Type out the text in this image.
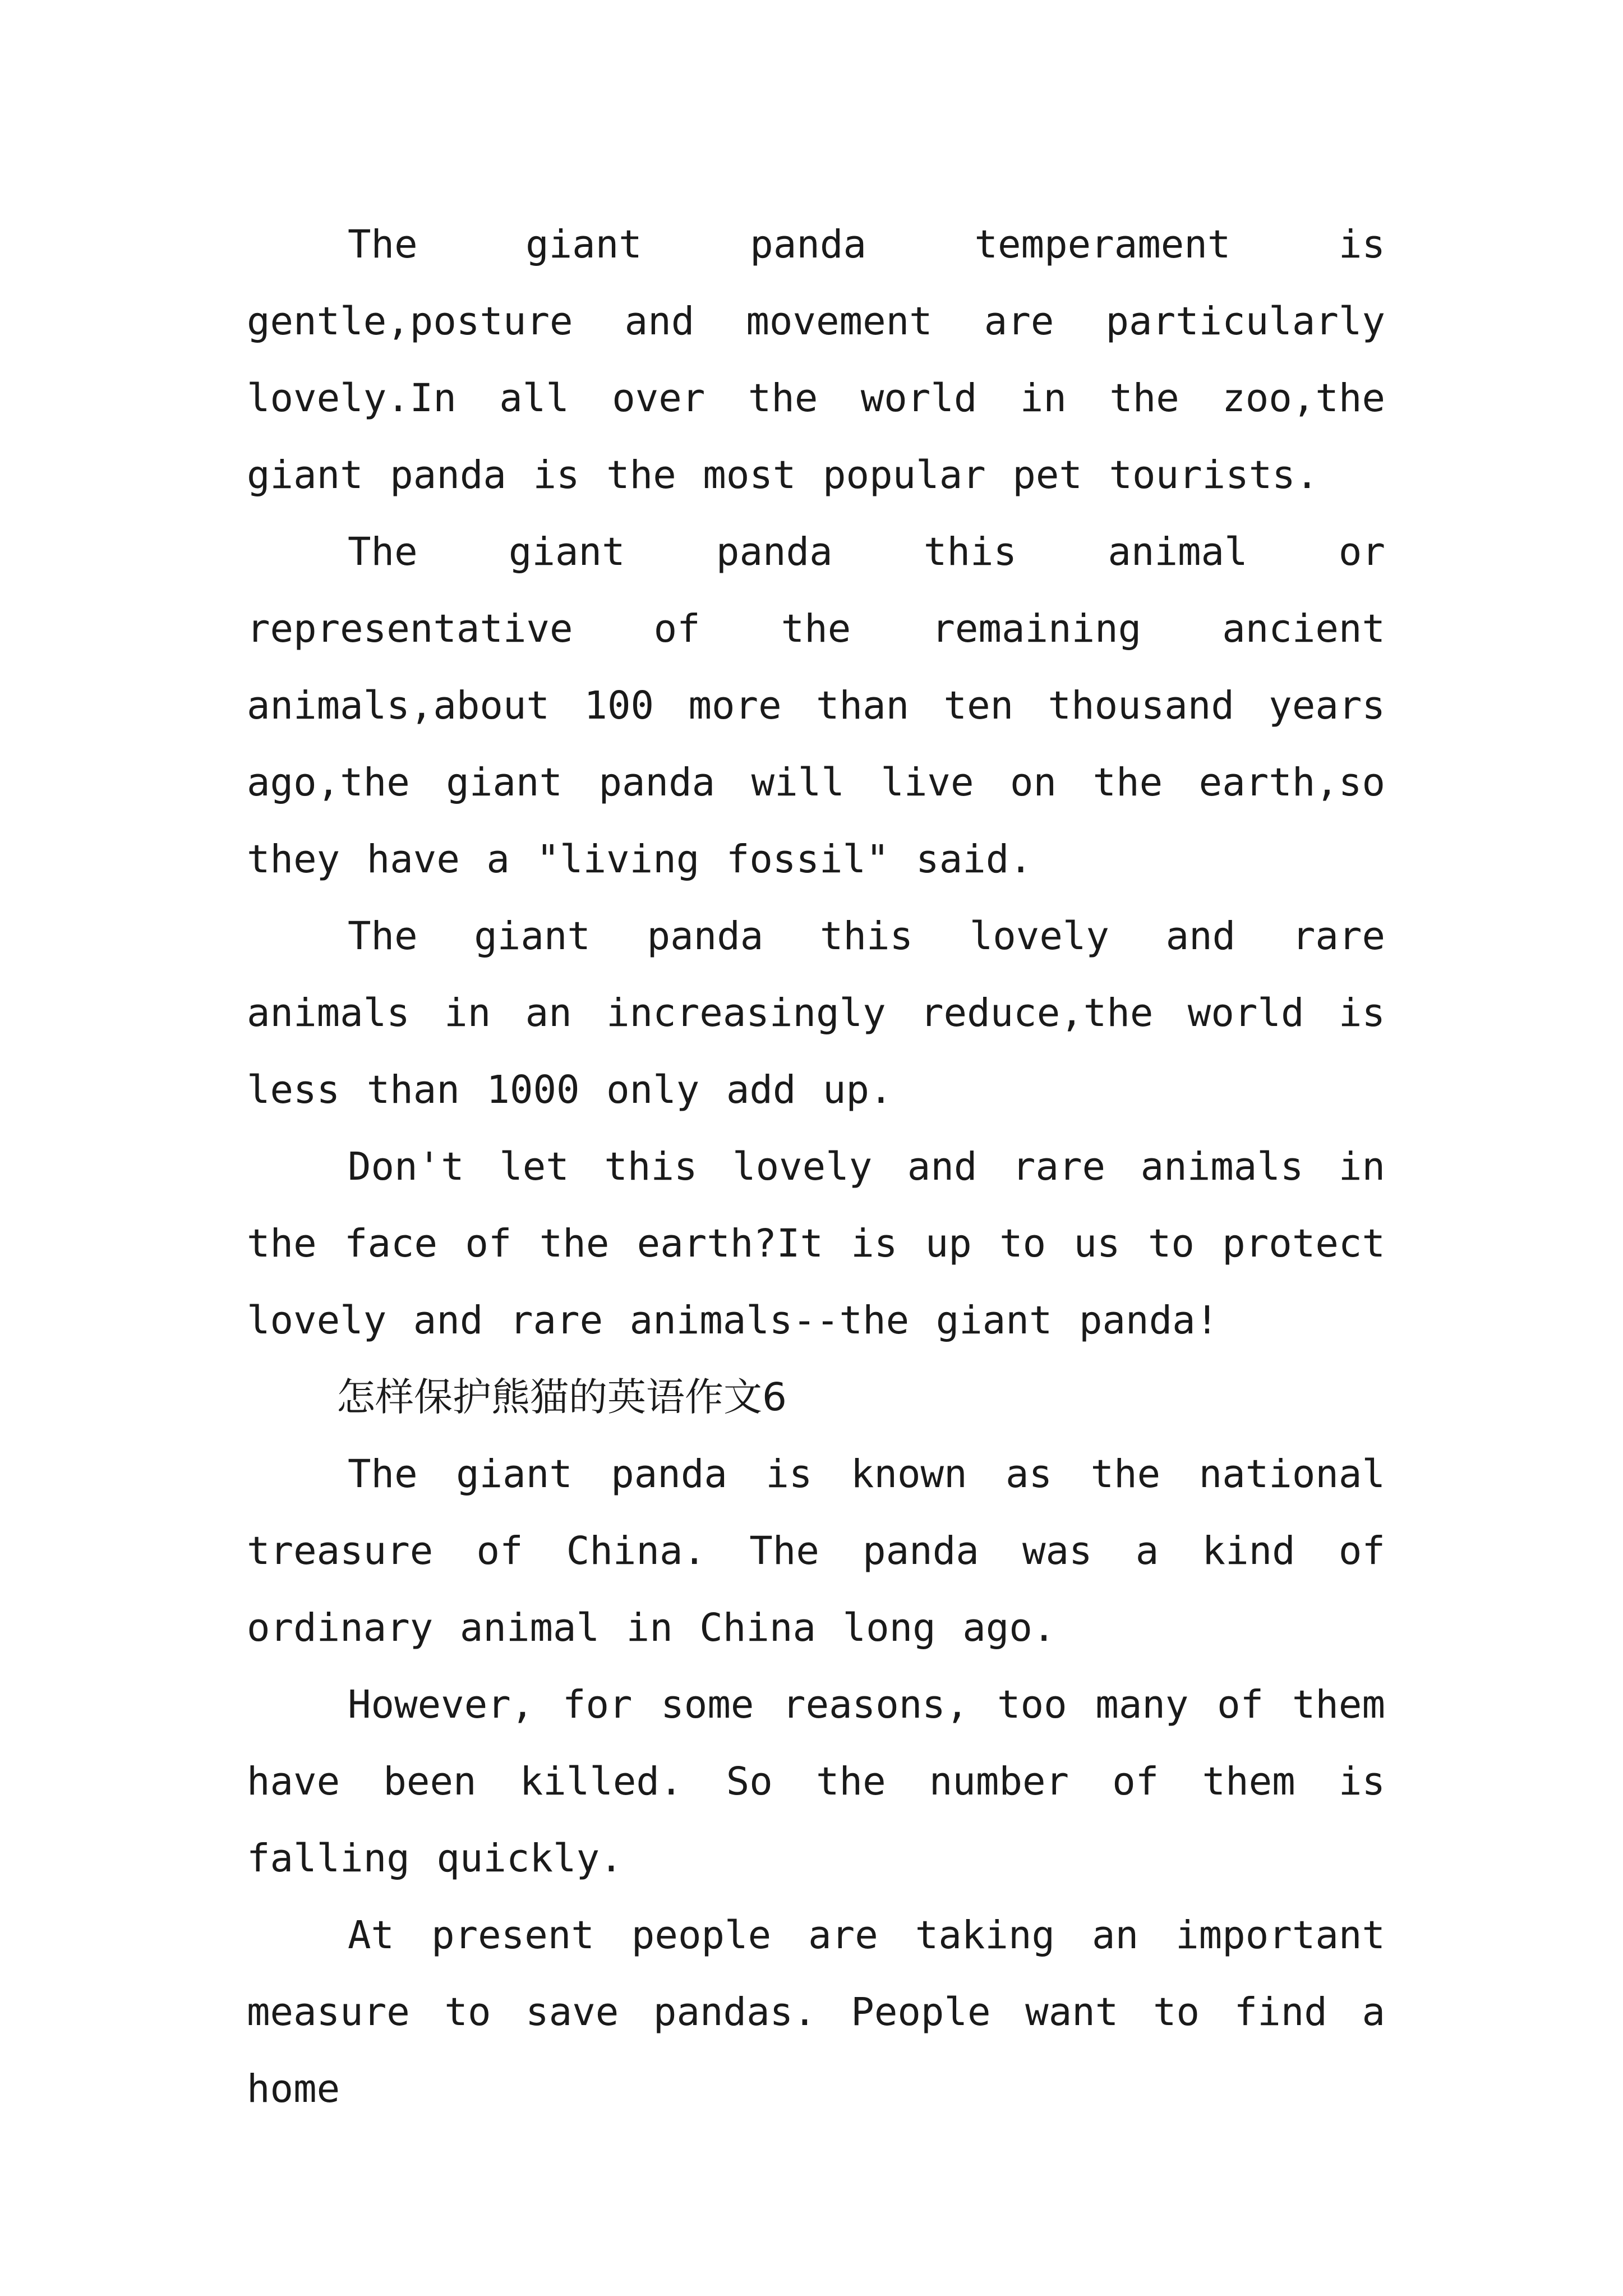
The giant panda temperament is gentle,posture and movement are particularly lovely.In all over the world in the zoo,the giant panda is the most popular pet tourists.

The giant panda this animal or representative of the remaining ancient animals,about 100 more than ten thousand years ago,the giant panda will live on the earth,so they have a "living fossil" said.

The giant panda this lovely and rare animals in an increasingly reduce,the world is less than 1000 only add up.

Don't let this lovely and rare animals in the face of the earth?It is up to us to protect lovely and rare animals--the giant panda!

怎样保护熊猫的英语作文6

The giant panda is known as the national treasure of China. The panda was a kind of ordinary animal in China long ago.

However, for some reasons, too many of them have been killed. So the number of them is falling quickly.

At present people are taking an important measure to save pandas. People want to find a home
